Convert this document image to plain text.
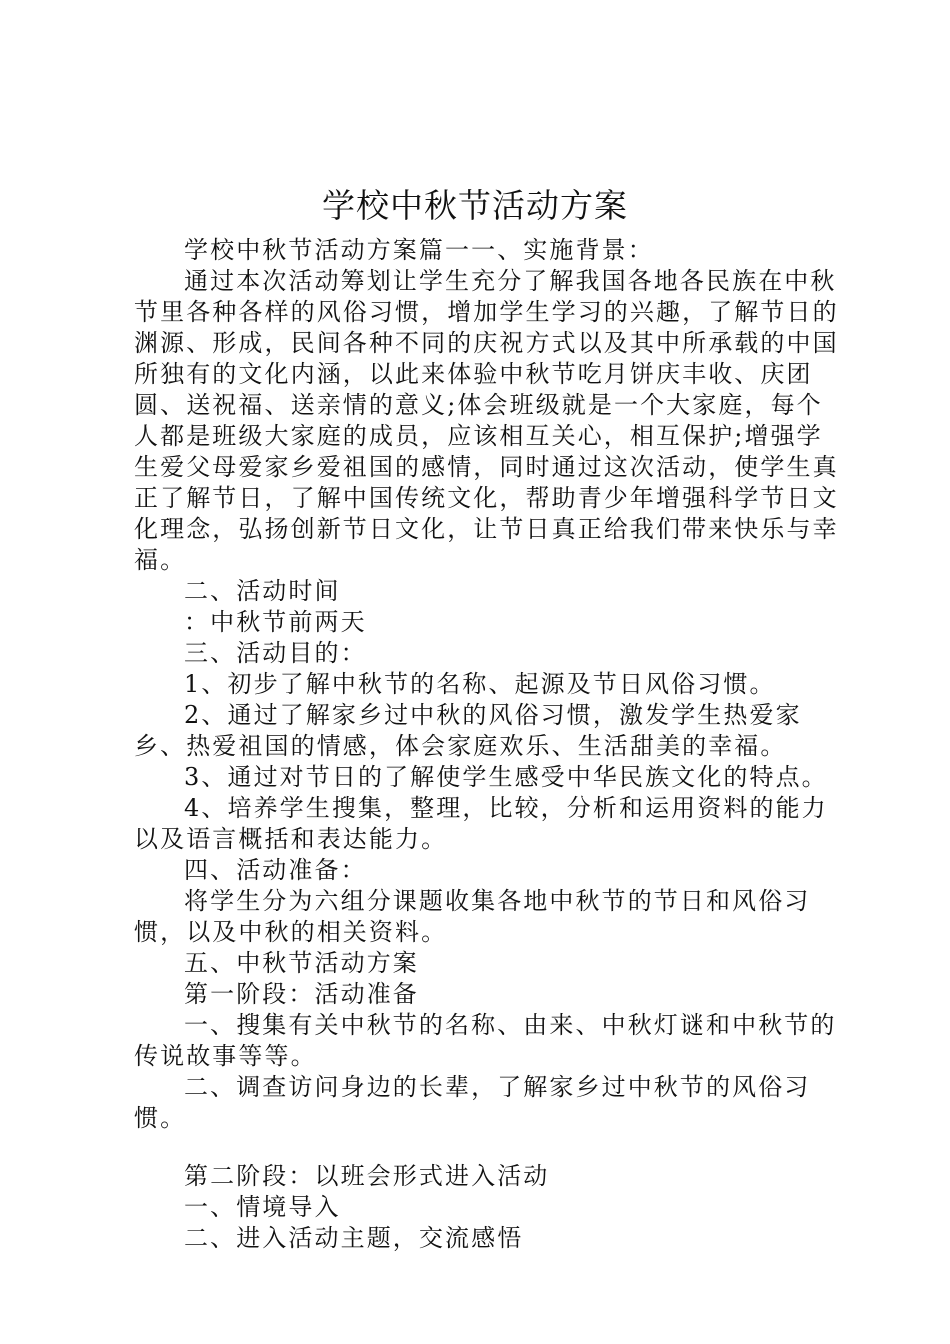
学校中秋节活动方案

学校中秋节活动方案篇一一、实施背景：

通过本次活动筹划让学生充分了解我国各地各民族在中秋节里各种各样的风俗习惯，增加学生学习的兴趣，了解节日的渊源、形成，民间各种不同的庆祝方式以及其中所承载的中国所独有的文化内涵，以此来体验中秋节吃月饼庆丰收、庆团圆、送祝福、送亲情的意义;体会班级就是一个大家庭，每个人都是班级大家庭的成员，应该相互关心，相互保护;增强学生爱父母爱家乡爱祖国的感情，同时通过这次活动，使学生真正了解节日，了解中国传统文化，帮助青少年增强科学节日文化理念，弘扬创新节日文化，让节日真正给我们带来快乐与幸福。

二、活动时间

：中秋节前两天

三、活动目的：

1、初步了解中秋节的名称、起源及节日风俗习惯。

2、通过了解家乡过中秋的风俗习惯，激发学生热爱家乡、热爱祖国的情感，体会家庭欢乐、生活甜美的幸福。

3、通过对节日的了解使学生感受中华民族文化的特点。

4、培养学生搜集，整理，比较，分析和运用资料的能力以及语言概括和表达能力。

四、活动准备：

将学生分为六组分课题收集各地中秋节的节日和风俗习惯，以及中秋的相关资料。

五、中秋节活动方案

第一阶段：活动准备

一、搜集有关中秋节的名称、由来、中秋灯谜和中秋节的传说故事等等。

二、调查访问身边的长辈，了解家乡过中秋节的风俗习惯。

第二阶段：以班会形式进入活动

一、情境导入

二、进入活动主题，交流感悟
